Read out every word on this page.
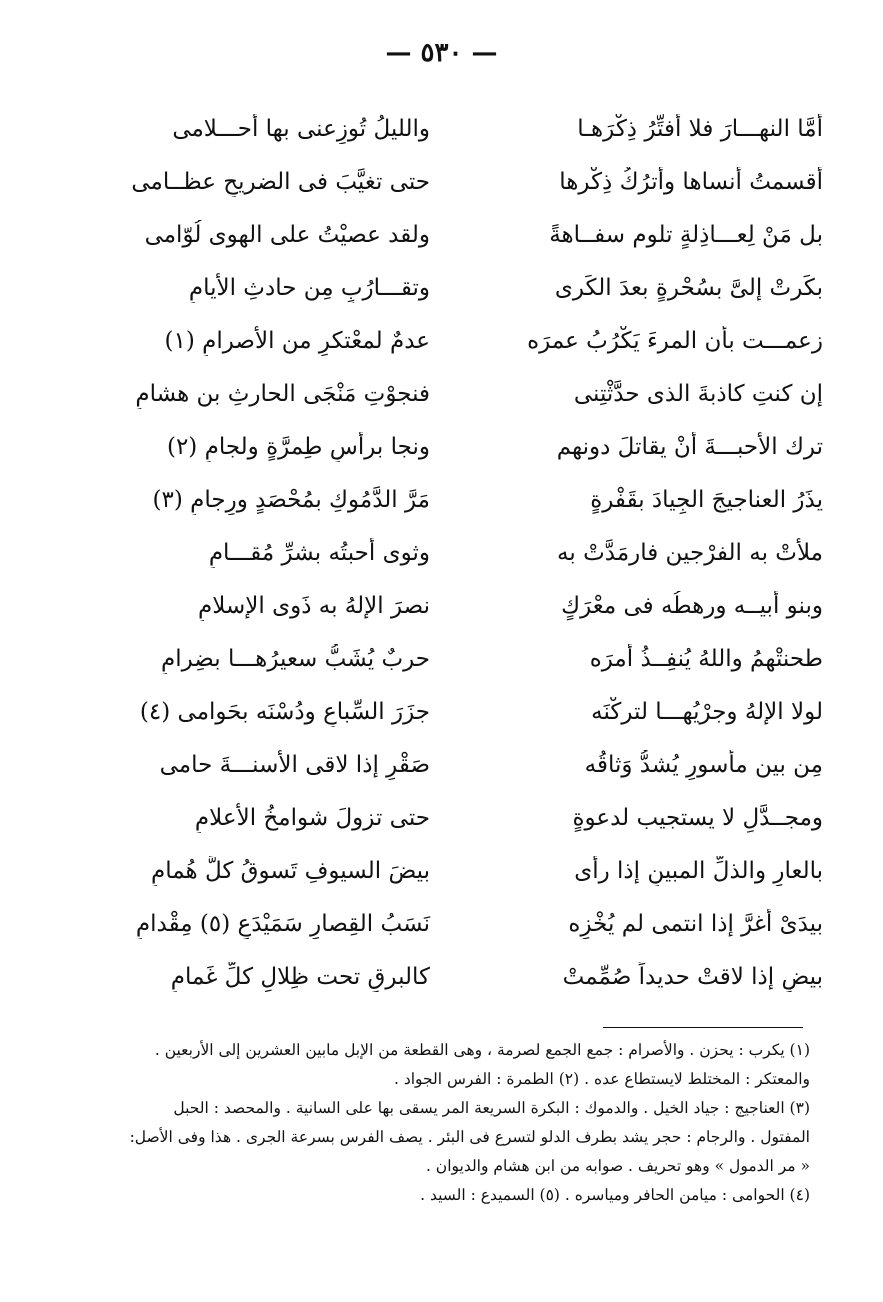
— ٥٣٠ —
أمَّا النهـــارَ فلا أُفتِّرُ ذِكْرَهـا
والليلُ تُوزِعنى بها أحـــلامى
أقسمتُ أنساها وأترُكُ ذِكْرها
حتى تغيَّبَ فى الضريحِ عظــامى
بل مَنْ لِعـــاذِلةٍ تلوم سفــاهةً
ولقد عصيْتُ على الهوى لُوّامى
بكَرتْ إلىَّ بسُحْرةٍ بعدَ الكَرى
وتقـــارُبٍ مِن حادثِ الأيامِ
زعمـــت بأن المرءَ يَكْرُبُ عمرَه
عدمٌ لمعْتكرٍ من الأصرامِ (١)
إن كنتِ كاذبةَ الذى حدَّثْتِنى
فنجوْتِ مَنْجَى الحارثِ بن هشامِ
ترك الأحبـــةَ أنْ يقاتلَ دونهم
ونجا برأسِ طِمرَّةٍ ولجامِ (٢)
يذَرُ العناجيجَ الجِيادَ بقَفْرةٍ
مَرَّ الدَّمُوكِ بمُحْصَدٍ ورِجامِ (٣)
ملأتْ به الفرْجين فارمَدَّتْ به
وثوى أحبتُه بشرِّ مُقـــامِ
وبنو أبيــه ورهطُه فى معْرَكٍ
نصرَ الإلهُ به ذَوى الإسلامِ
طحنتْهمُ واللهُ يُنفِــذُ أمرَه
حربٌ يُشَبُّ سعيرُهـــا بضِرامِ
لولا الإلهُ وجرْيُهـــا لتركْنَه
جزَرَ السِّباعِ ودُسْنَه بحَوامى (٤)
مِن بين مأسورٍ يُشدُّ وَثاقُه
صَقْرٍ إذا لاقى الأسنـــةَ حامى
ومجــدَّلٍ لا يستجيب لدعوةٍ
حتى تزولَ شوامخُ الأعلامِ
بالعارِ والذلِّ المبينِ إذا رأى
بيضَ السيوفِ تَسوقُ كلَّ هُمامِ
بيدَىْ أغرَّ إذا انتمى لم يُخْزِه
نَسَبُ القِصارِ سَمَيْدَعٍ (٥) مِقْدامِ
بيضٍ إذا لاقتْ حديداً صُمِّمتْ
كالبرقِ تحت ظِلالِ كلِّ غَمامِ
(١) يكرب : يحزن . والأصرام : جمع الجمع لصرمة ، وهى القطعة من الإبل مابين العشرين إلى الأربعين .
والمعتكر : المختلط لايستطاع عده . (٢) الطمرة : الفرس الجواد .
(٣) العناجيج : جياد الخيل . والدموك : البكرة السريعة المر يسقى بها على السانية . والمحصد : الحبل
المفتول . والرجام : حجر يشد بطرف الدلو لتسرع فى البئر . يصف الفرس بسرعة الجرى . هذا وفى الأصل:
« مر الدمول » وهو تحريف . صوابه من ابن هشام والديوان .
(٤) الحوامى : ميامن الحافر ومياسره . (٥) السميدع : السيد .
